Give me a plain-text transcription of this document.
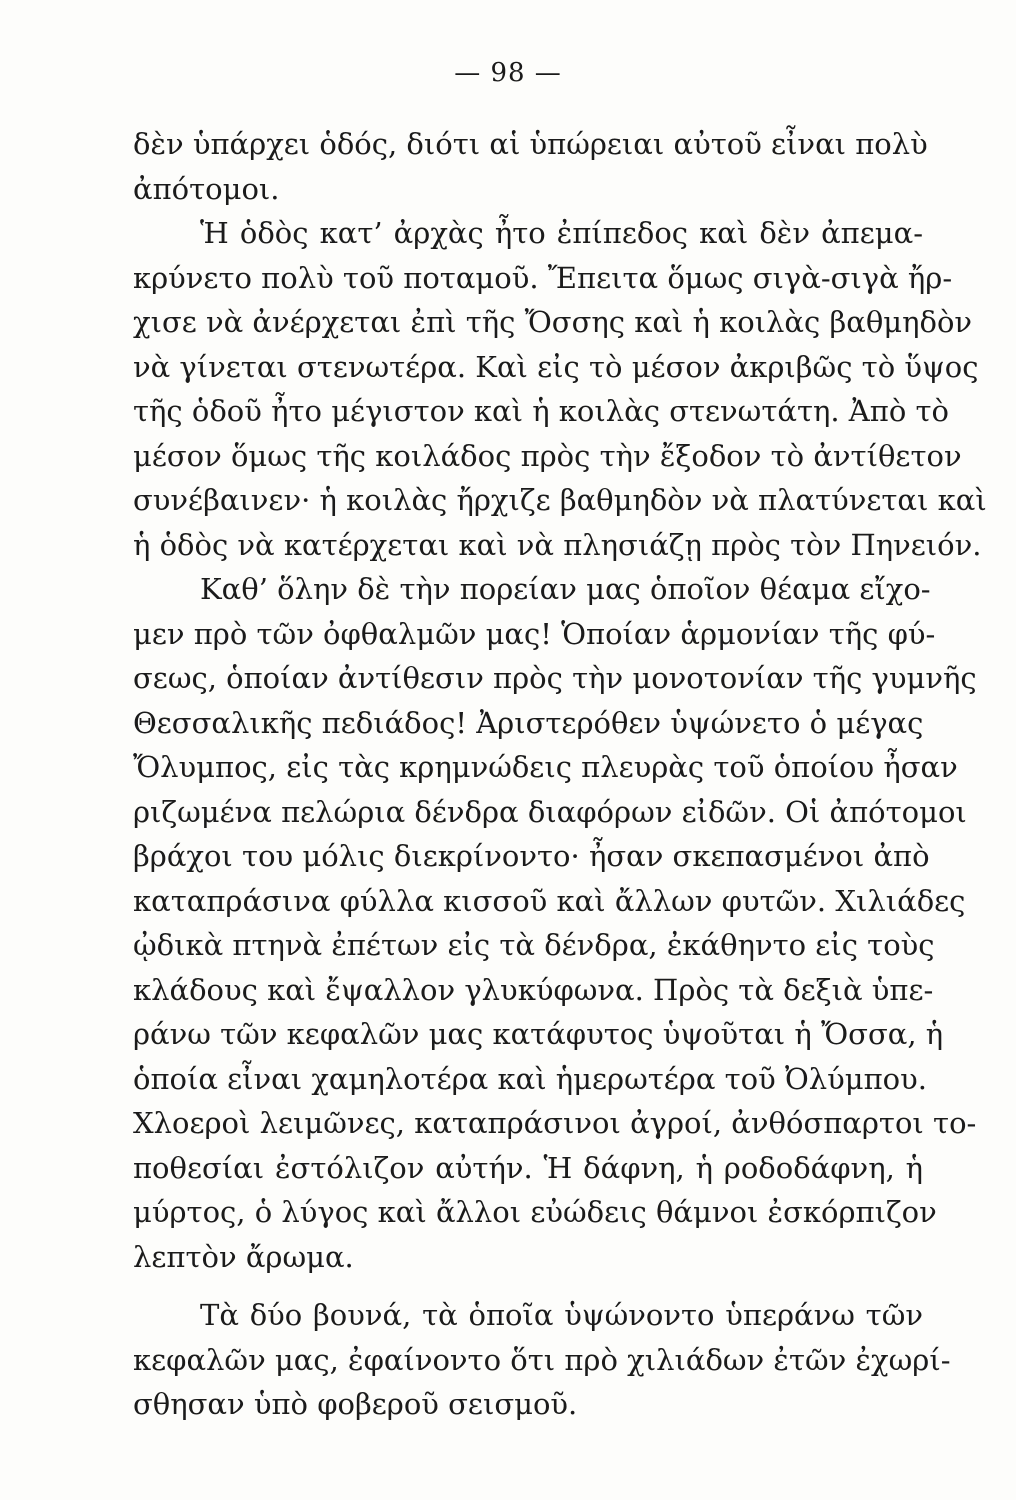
— 98 —
δὲν ὑπάρχει ὁδός, διότι αἱ ὑπώρειαι αὐτοῦ εἶναι πολὺ
ἀπότομοι.
Ἡ ὁδὸς κατ’ ἀρχὰς ἦτο ἐπίπεδος καὶ δὲν ἀπεμα-
κρύνετο πολὺ τοῦ ποταμοῦ. Ἔπειτα ὅμως σιγὰ-σιγὰ ἤρ-
χισε νὰ ἀνέρχεται ἐπὶ τῆς Ὄσσης καὶ ἡ κοιλὰς βαθμηδὸν
νὰ γίνεται στενωτέρα. Καὶ εἰς τὸ μέσον ἀκριβῶς τὸ ὕψος
τῆς ὁδοῦ ἦτο μέγιστον καὶ ἡ κοιλὰς στενωτάτη. Ἀπὸ τὸ
μέσον ὅμως τῆς κοιλάδος πρὸς τὴν ἔξοδον τὸ ἀντίθετον
συνέβαινεν· ἡ κοιλὰς ἤρχιζε βαθμηδὸν νὰ πλατύνεται καὶ
ἡ ὁδὸς νὰ κατέρχεται καὶ νὰ πλησιάζῃ πρὸς τὸν Πηνειόν.
Καθ’ ὅλην δὲ τὴν πορείαν μας ὁποῖον θέαμα εἴχο-
μεν πρὸ τῶν ὀφθαλμῶν μας! Ὁποίαν ἁρμονίαν τῆς φύ-
σεως, ὁποίαν ἀντίθεσιν πρὸς τὴν μονοτονίαν τῆς γυμνῆς
Θεσσαλικῆς πεδιάδος! Ἀριστερόθεν ὑψώνετο ὁ μέγας
Ὄλυμπος, εἰς τὰς κρημνώδεις πλευρὰς τοῦ ὁποίου ἦσαν
ριζωμένα πελώρια δένδρα διαφόρων εἰδῶν. Οἱ ἀπότομοι
βράχοι του μόλις διεκρίνοντο· ἦσαν σκεπασμένοι ἀπὸ
καταπράσινα φύλλα κισσοῦ καὶ ἄλλων φυτῶν. Χιλιάδες
ᾠδικὰ πτηνὰ ἐπέτων εἰς τὰ δένδρα, ἐκάθηντο εἰς τοὺς
κλάδους καὶ ἔψαλλον γλυκύφωνα. Πρὸς τὰ δεξιὰ ὑπε-
ράνω τῶν κεφαλῶν μας κατάφυτος ὑψοῦται ἡ Ὄσσα, ἡ
ὁποία εἶναι χαμηλοτέρα καὶ ἡμερωτέρα τοῦ Ὀλύμπου.
Χλοεροὶ λειμῶνες, καταπράσινοι ἀγροί, ἀνθόσπαρτοι το-
ποθεσίαι ἐστόλιζον αὐτήν. Ἡ δάφνη, ἡ ροδοδάφνη, ἡ
μύρτος, ὁ λύγος καὶ ἄλλοι εὐώδεις θάμνοι ἐσκόρπιζον
λεπτὸν ἄρωμα.
Τὰ δύο βουνά, τὰ ὁποῖα ὑψώνοντο ὑπεράνω τῶν
κεφαλῶν μας, ἐφαίνοντο ὅτι πρὸ χιλιάδων ἐτῶν ἐχωρί-
σθησαν ὑπὸ φοβεροῦ σεισμοῦ.
